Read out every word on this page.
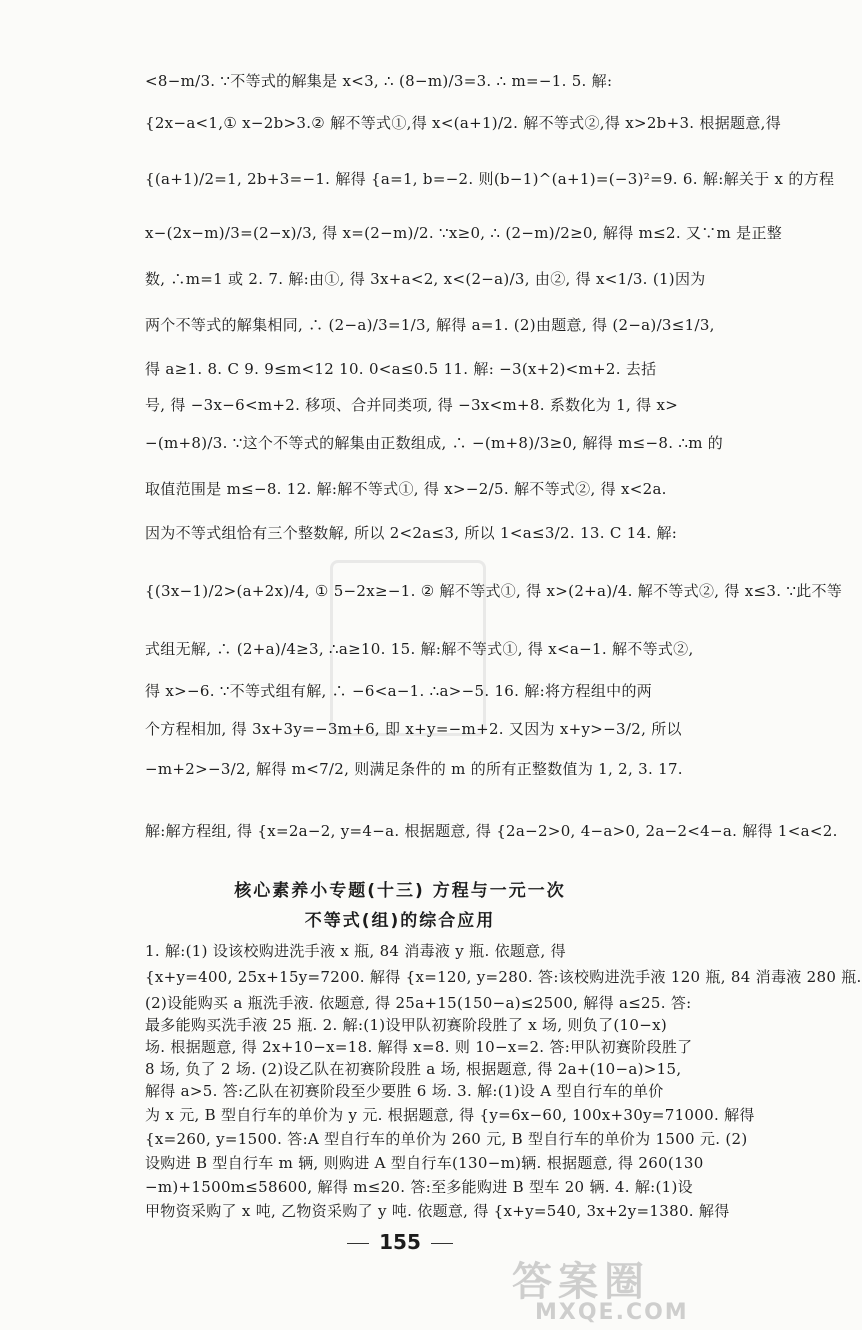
<8−m/3. ∵不等式的解集是 x<3, ∴ (8−m)/3=3. ∴ m=−1. 5. 解:
{2x−a<1,① x−2b>3.② 解不等式①,得 x<(a+1)/2. 解不等式②,得 x>2b+3. 根据题意,得
{(a+1)/2=1, 2b+3=−1. 解得 {a=1, b=−2. 则(b−1)^(a+1)=(−3)²=9. 6. 解:解关于 x 的方程
x−(2x−m)/3=(2−x)/3, 得 x=(2−m)/2. ∵x≥0, ∴ (2−m)/2≥0, 解得 m≤2. 又∵m 是正整
数, ∴m=1 或 2. 7. 解:由①, 得 3x+a<2, x<(2−a)/3, 由②, 得 x<1/3. (1)因为
两个不等式的解集相同, ∴ (2−a)/3=1/3, 解得 a=1. (2)由题意, 得 (2−a)/3≤1/3,
得 a≥1. 8. C 9. 9≤m<12 10. 0<a≤0.5 11. 解: −3(x+2)<m+2. 去括
号, 得 −3x−6<m+2. 移项、合并同类项, 得 −3x<m+8. 系数化为 1, 得 x>
−(m+8)/3. ∵这个不等式的解集由正数组成, ∴ −(m+8)/3≥0, 解得 m≤−8. ∴m 的
取值范围是 m≤−8. 12. 解:解不等式①, 得 x>−2/5. 解不等式②, 得 x<2a.
因为不等式组恰有三个整数解, 所以 2<2a≤3, 所以 1<a≤3/2. 13. C 14. 解:
{(3x−1)/2>(a+2x)/4, ① 5−2x≥−1. ② 解不等式①, 得 x>(2+a)/4. 解不等式②, 得 x≤3. ∵此不等
式组无解, ∴ (2+a)/4≥3, ∴a≥10. 15. 解:解不等式①, 得 x<a−1. 解不等式②,
得 x>−6. ∵不等式组有解, ∴ −6<a−1. ∴a>−5. 16. 解:将方程组中的两
个方程相加, 得 3x+3y=−3m+6, 即 x+y=−m+2. 又因为 x+y>−3/2, 所以
−m+2>−3/2, 解得 m<7/2, 则满足条件的 m 的所有正整数值为 1, 2, 3. 17.
解:解方程组, 得 {x=2a−2, y=4−a. 根据题意, 得 {2a−2>0, 4−a>0, 2a−2<4−a. 解得 1<a<2.
核心素养小专题(十三) 方程与一元一次
不等式(组)的综合应用
1. 解:(1) 设该校购进洗手液 x 瓶, 84 消毒液 y 瓶. 依题意, 得
{x+y=400, 25x+15y=7200. 解得 {x=120, y=280. 答:该校购进洗手液 120 瓶, 84 消毒液 280 瓶.
(2)设能购买 a 瓶洗手液. 依题意, 得 25a+15(150−a)≤2500, 解得 a≤25. 答:
最多能购买洗手液 25 瓶. 2. 解:(1)设甲队初赛阶段胜了 x 场, 则负了(10−x)
场. 根据题意, 得 2x+10−x=18. 解得 x=8. 则 10−x=2. 答:甲队初赛阶段胜了
8 场, 负了 2 场. (2)设乙队在初赛阶段胜 a 场, 根据题意, 得 2a+(10−a)>15,
解得 a>5. 答:乙队在初赛阶段至少要胜 6 场. 3. 解:(1)设 A 型自行车的单价
为 x 元, B 型自行车的单价为 y 元. 根据题意, 得 {y=6x−60, 100x+30y=71000. 解得
{x=260, y=1500. 答:A 型自行车的单价为 260 元, B 型自行车的单价为 1500 元. (2)
设购进 B 型自行车 m 辆, 则购进 A 型自行车(130−m)辆. 根据题意, 得 260(130
−m)+1500m≤58600, 解得 m≤20. 答:至多能购进 B 型车 20 辆. 4. 解:(1)设
甲物资采购了 x 吨, 乙物资采购了 y 吨. 依题意, 得 {x+y=540, 3x+2y=1380. 解得
155
答案圈
MXQE.COM
